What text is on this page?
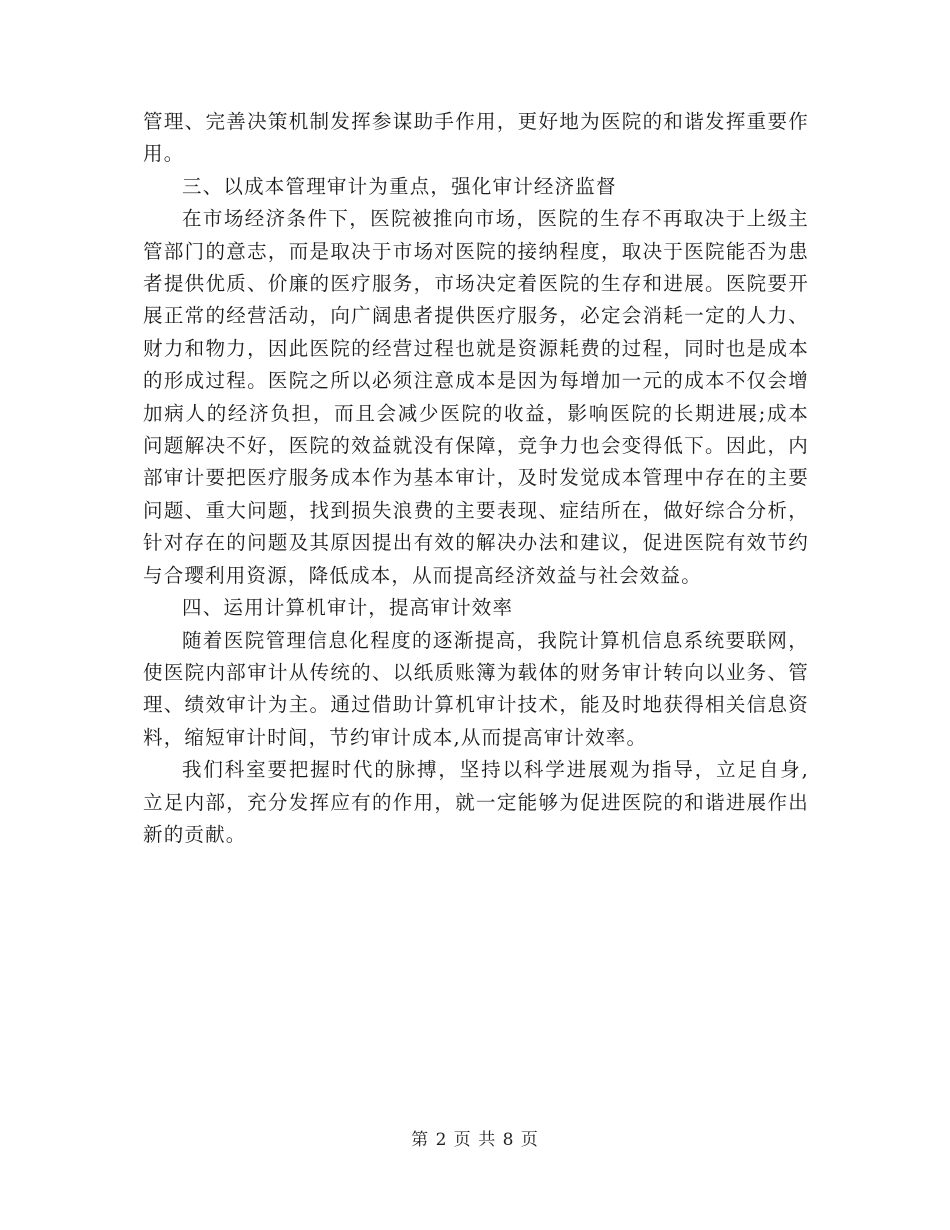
管理、完善决策机制发挥参谋助手作用，更好地为医院的和谐发挥重要作用。

三、以成本管理审计为重点，强化审计经济监督

在市场经济条件下，医院被推向市场，医院的生存不再取决于上级主管部门的意志，而是取决于市场对医院的接纳程度，取决于医院能否为患者提供优质、价廉的医疗服务，市场决定着医院的生存和进展。医院要开展正常的经营活动，向广阔患者提供医疗服务，必定会消耗一定的人力、财力和物力，因此医院的经营过程也就是资源耗费的过程，同时也是成本的形成过程。医院之所以必须注意成本是因为每增加一元的成本不仅会增加病人的经济负担，而且会减少医院的收益，影响医院的长期进展;成本问题解决不好，医院的效益就没有保障，竞争力也会变得低下。因此，内部审计要把医疗服务成本作为基本审计，及时发觉成本管理中存在的主要问题、重大问题，找到损失浪费的主要表现、症结所在，做好综合分析，针对存在的问题及其原因提出有效的解决办法和建议，促进医院有效节约与合璎利用资源，降低成本，从而提高经济效益与社会效益。

四、运用计算机审计，提高审计效率

随着医院管理信息化程度的逐渐提高，我院计算机信息系统要联网，使医院内部审计从传统的、以纸质账簿为载体的财务审计转向以业务、管理、绩效审计为主。通过借助计算机审计技术，能及时地获得相关信息资料，缩短审计时间，节约审计成本,从而提高审计效率。

我们科室要把握时代的脉搏，坚持以科学进展观为指导，立足自身,立足内部，充分发挥应有的作用，就一定能够为促进医院的和谐进展作出新的贡献。

第 2 页 共 8 页
